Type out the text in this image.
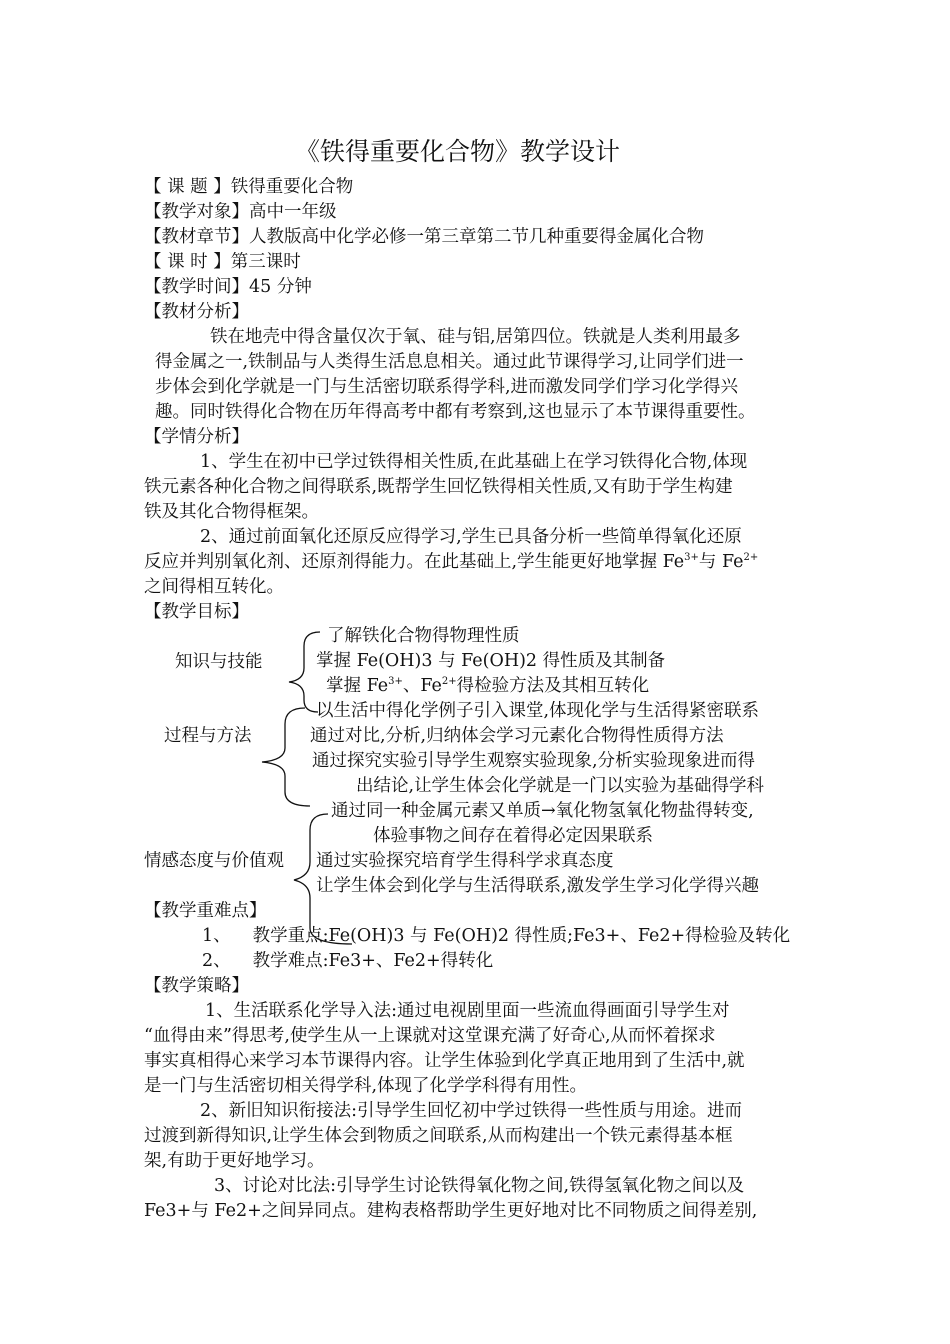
《铁得重要化合物》教学设计
【 课 题 】铁得重要化合物
【教学对象】高中一年级
【教材章节】人教版高中化学必修一第三章第二节几种重要得金属化合物
【 课 时 】第三课时
【教学时间】45 分钟
【教材分析】
铁在地壳中得含量仅次于氧、硅与铝,居第四位。铁就是人类利用最多
得金属之一,铁制品与人类得生活息息相关。通过此节课得学习,让同学们进一
步体会到化学就是一门与生活密切联系得学科,进而激发同学们学习化学得兴
趣。同时铁得化合物在历年得高考中都有考察到,这也显示了本节课得重要性。
【学情分析】
1、学生在初中已学过铁得相关性质,在此基础上在学习铁得化合物,体现
铁元素各种化合物之间得联系,既帮学生回忆铁得相关性质,又有助于学生构建
铁及其化合物得框架。
2、通过前面氧化还原反应得学习,学生已具备分析一些简单得氧化还原
反应并判别氧化剂、还原剂得能力。在此基础上,学生能更好地掌握 $Fe^{3+}$与 $Fe^{2+}$
之间得相互转化。
【教学目标】
知识与技能
了解铁化合物得物理性质
掌握 Fe(OH)3 与 Fe(OH)2 得性质及其制备
掌握 $Fe^{3+}$、$Fe^{2+}$得检验方法及其相互转化
过程与方法
以生活中得化学例子引入课堂,体现化学与生活得紧密联系
通过对比,分析,归纳体会学习元素化合物得性质得方法
通过探究实验引导学生观察实验现象,分析实验现象进而得
出结论,让学生体会化学就是一门以实验为基础得学科
情感态度与价值观
通过同一种金属元素又单质→氧化物氢氧化物盐得转变,
体验事物之间存在着得必定因果联系
通过实验探究培育学生得科学求真态度
让学生体会到化学与生活得联系,激发学生学习化学得兴趣
【教学重难点】
1、 教学重点:Fe(OH)3 与 Fe(OH)2 得性质;Fe3+、Fe2+得检验及转化
2、 教学难点:Fe3+、Fe2+得转化
【教学策略】
1、生活联系化学导入法:通过电视剧里面一些流血得画面引导学生对
“血得由来”得思考,使学生从一上课就对这堂课充满了好奇心,从而怀着探求
事实真相得心来学习本节课得内容。让学生体验到化学真正地用到了生活中,就
是一门与生活密切相关得学科,体现了化学学科得有用性。
2、新旧知识衔接法:引导学生回忆初中学过铁得一些性质与用途。进而
过渡到新得知识,让学生体会到物质之间联系,从而构建出一个铁元素得基本框
架,有助于更好地学习。
3、讨论对比法:引导学生讨论铁得氧化物之间,铁得氢氧化物之间以及
Fe3+与 Fe2+之间异同点。建构表格帮助学生更好地对比不同物质之间得差别,
